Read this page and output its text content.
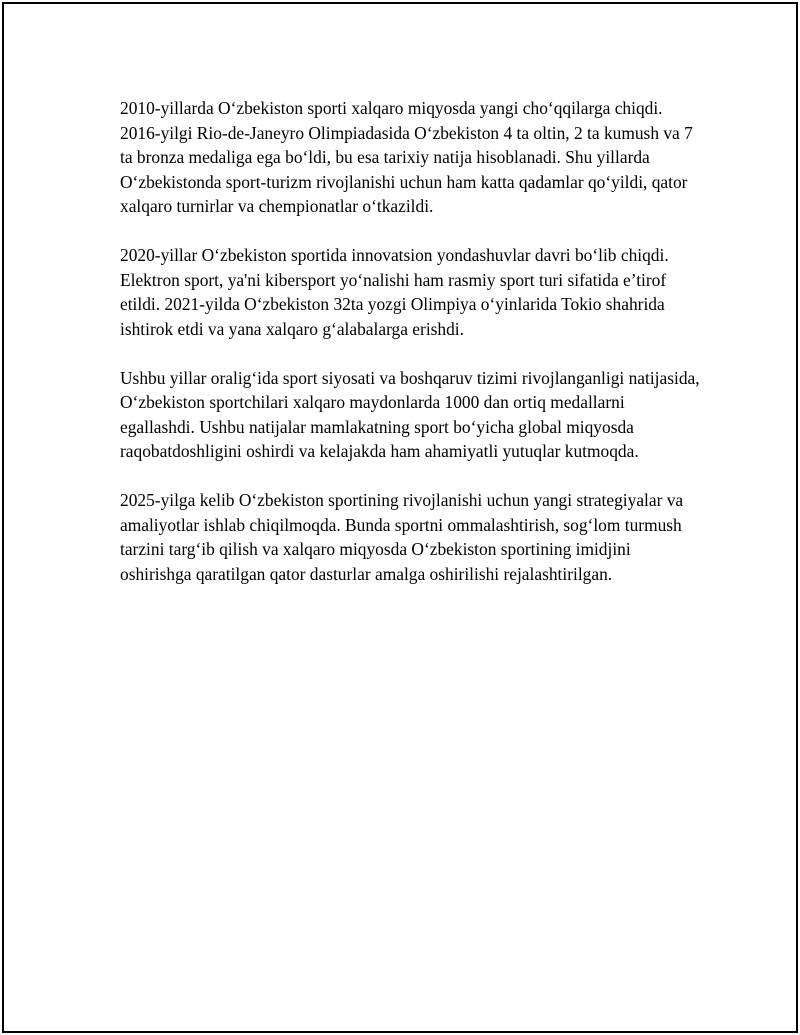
2010-yillarda O‘zbekiston sporti xalqaro miqyosda yangi cho‘qqilarga chiqdi. 2016-yilgi Rio-de-Janeyro Olimpiadasida O‘zbekiston 4 ta oltin, 2 ta kumush va 7 ta bronza medaliga ega bo‘ldi, bu esa tarixiy natija hisoblanadi. Shu yillarda O‘zbekistonda sport-turizm rivojlanishi uchun ham katta qadamlar qo‘yildi, qator xalqaro turnirlar va chempionatlar o‘tkazildi.

2020-yillar O‘zbekiston sportida innovatsion yondashuvlar davri bo‘lib chiqdi. Elektron sport, ya'ni kibersport yo‘nalishi ham rasmiy sport turi sifatida e’tirof etildi. 2021-yilda O‘zbekiston 32ta yozgi Olimpiya o‘yinlarida Tokio shahrida ishtirok etdi va yana xalqaro g‘alabalarga erishdi.

Ushbu yillar oralig‘ida sport siyosati va boshqaruv tizimi rivojlanganligi natijasida, O‘zbekiston sportchilari xalqaro maydonlarda 1000 dan ortiq medallarni egallashdi. Ushbu natijalar mamlakatning sport bo‘yicha global miqyosda raqobatdoshligini oshirdi va kelajakda ham ahamiyatli yutuqlar kutmoqda.

2025-yilga kelib O‘zbekiston sportining rivojlanishi uchun yangi strategiyalar va amaliyotlar ishlab chiqilmoqda. Bunda sportni ommalashtirish, sog‘lom turmush tarzini targ‘ib qilish va xalqaro miqyosda O‘zbekiston sportining imidjini oshirishga qaratilgan qator dasturlar amalga oshirilishi rejalashtirilgan.
